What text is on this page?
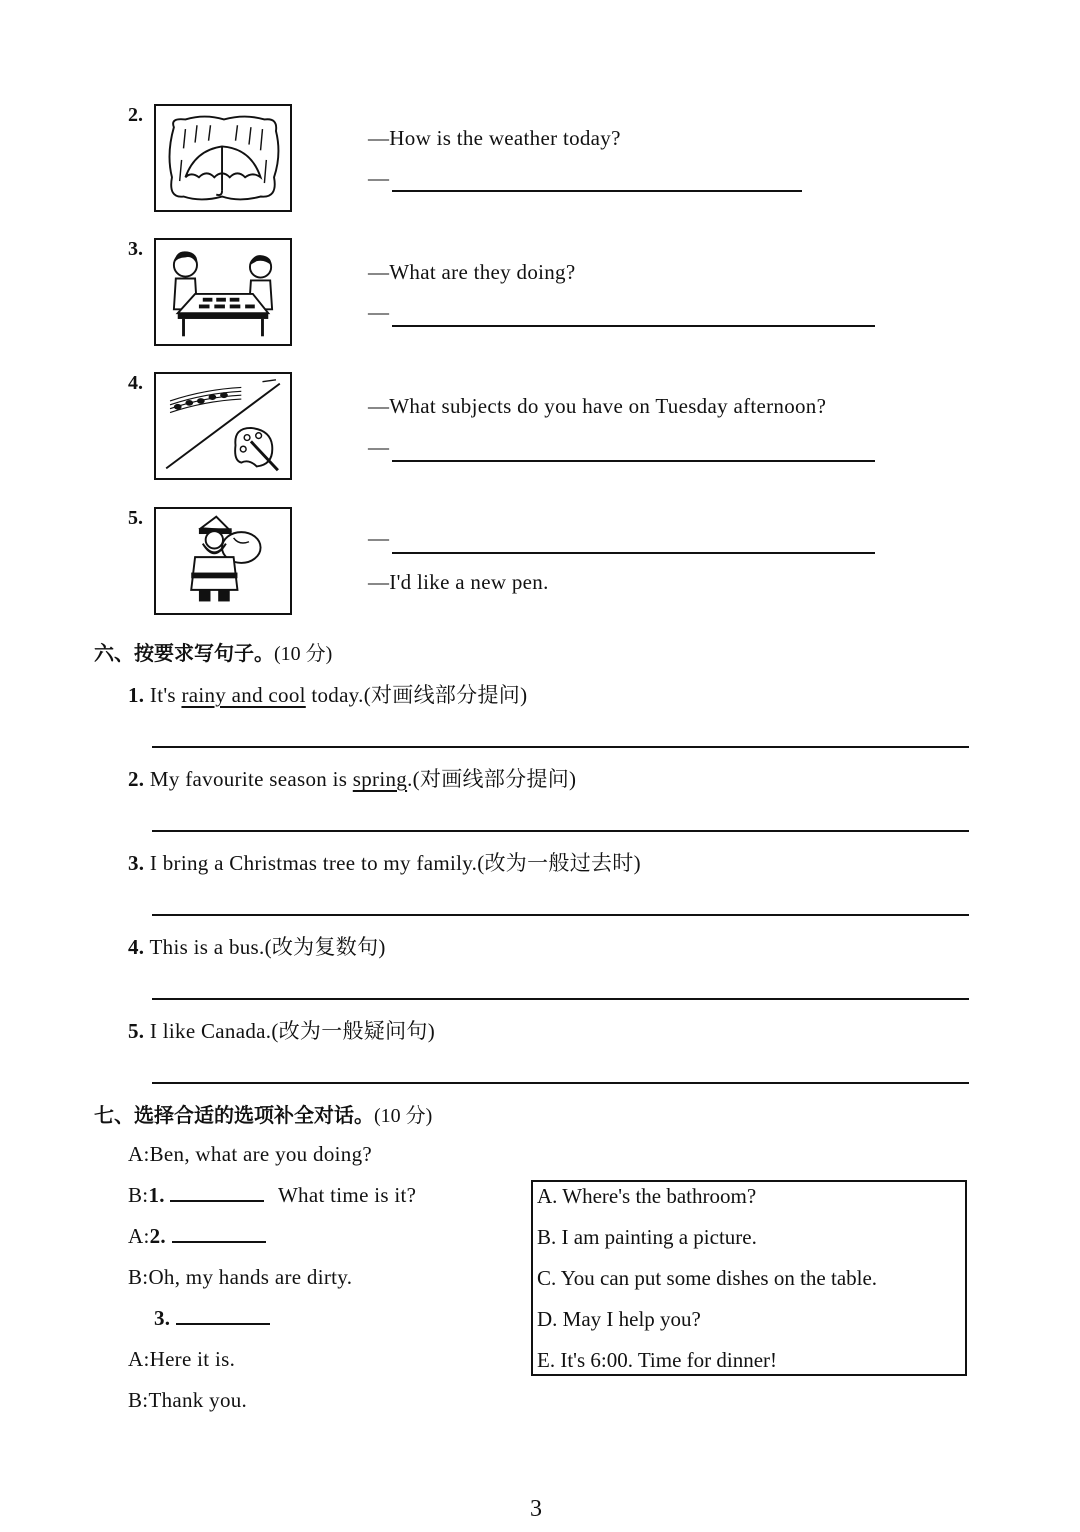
2.
—How is the weather today?
—
3.
—What are they doing?
—
4.
—What subjects do you have on Tuesday afternoon?
—
5.
—
—I'd like a new pen.
六、按要求写句子。(10 分)
1. It's rainy and cool today.(对画线部分提问)
2. My favourite season is spring.(对画线部分提问)
3. I bring a Christmas tree to my family.(改为一般过去时)
4. This is a bus.(改为复数句)
5. I like Canada.(改为一般疑问句)
七、选择合适的选项补全对话。(10 分)
A:Ben, what are you doing?
B:1.	What time is it?
A:2.
B:Oh, my hands are dirty.
3.
A:Here it is.
B:Thank you.
A. Where's the bathroom?
B. I am painting a picture.
C. You can put some dishes on the table.
D. May I help you?
E. It's 6:00. Time for dinner!
3
